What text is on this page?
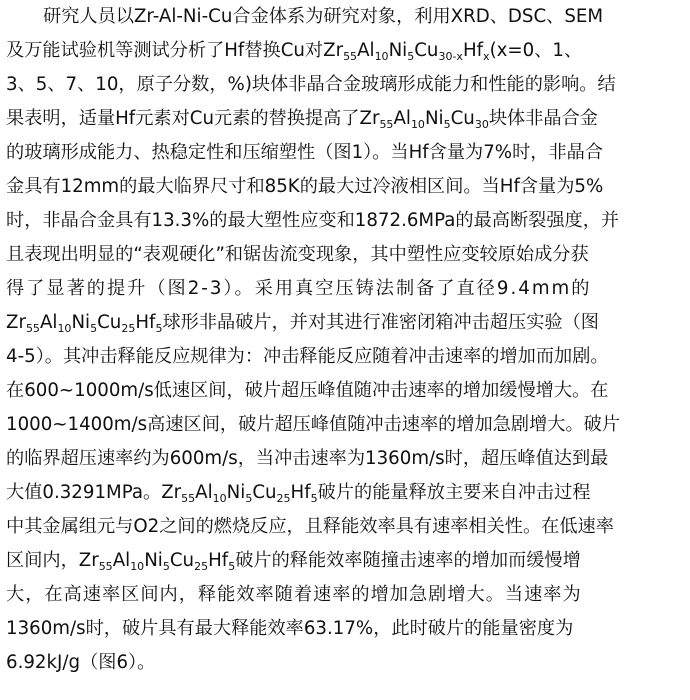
研究人员以Zr-Al-Ni-Cu合金体系为研究对象，利用XRD、DSC、SEM
及万能试验机等测试分析了Hf替换Cu对$Zr_{55}Al_{10}Ni_5Cu_{30-x}Hf_x(x=0$、1、
3、5、7、10，原子分数，%)块体非晶合金玻璃形成能力和性能的影响。结
果表明，适量Hf元素对Cu元素的替换提高了$Zr_{55}Al_{10}Ni_5Cu_{30}$块体非晶合金
的玻璃形成能力、热稳定性和压缩塑性（图1）。当Hf含量为7%时，非晶合
金具有12mm的最大临界尺寸和85K的最大过冷液相区间。当Hf含量为5%
时，非晶合金具有13.3%的最大塑性应变和1872.6MPa的最高断裂强度，并
且表现出明显的“表观硬化”和锯齿流变现象，其中塑性应变较原始成分获
得了显著的提升（图2-3）。采用真空压铸法制备了直径9.4mm的
$Zr_{55}Al_{10}Ni_5Cu_{25}Hf_5$球形非晶破片，并对其进行准密闭箱冲击超压实验（图
4-5）。其冲击释能反应规律为：冲击释能反应随着冲击速率的增加而加剧。
在600~1000m/s低速区间，破片超压峰值随冲击速率的增加缓慢增大。在
1000~1400m/s高速区间，破片超压峰值随冲击速率的增加急剧增大。破片
的临界超压速率约为600m/s，当冲击速率为1360m/s时，超压峰值达到最
大值0.3291MPa。$Zr_{55}Al_{10}Ni_5Cu_{25}Hf_5$破片的能量释放主要来自冲击过程
中其金属组元与O2之间的燃烧反应，且释能效率具有速率相关性。在低速率
区间内，$Zr_{55}Al_{10}Ni_5Cu_{25}Hf_5$破片的释能效率随撞击速率的增加而缓慢增
大，在高速率区间内，释能效率随着速率的增加急剧增大。当速率为
1360m/s时，破片具有最大释能效率63.17%，此时破片的能量密度为
6.92kJ/g（图6）。
